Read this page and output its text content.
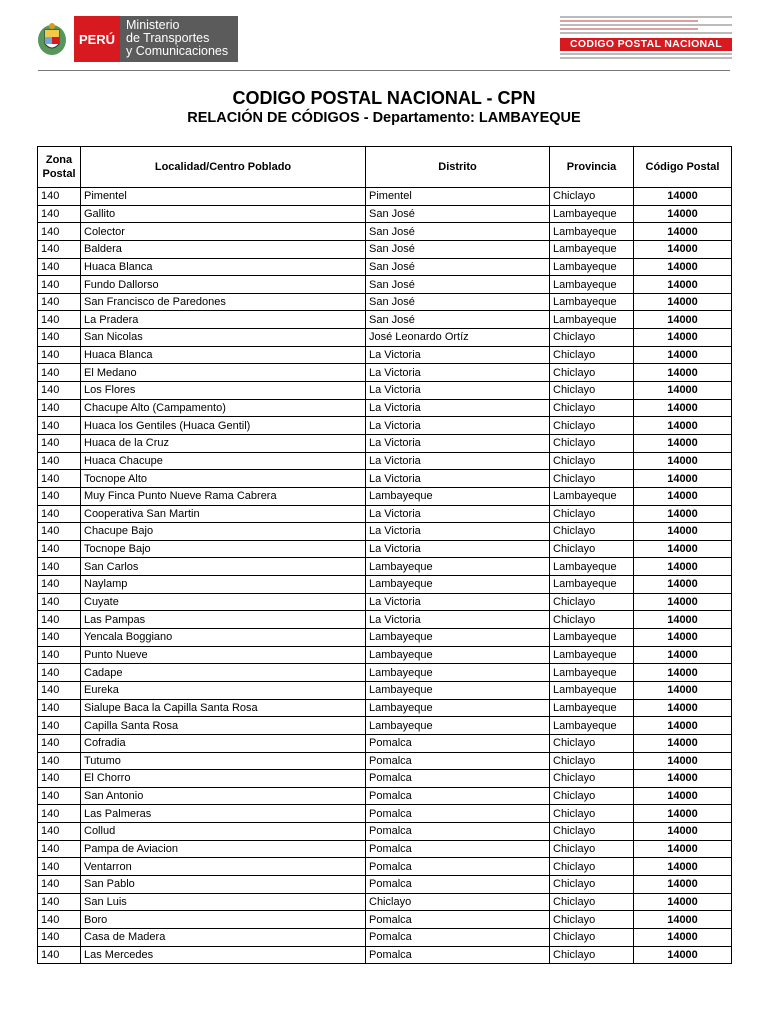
PERÚ
Ministerio
de Transportes
y Comunicaciones	CODIGO POSTAL NACIONAL
CODIGO POSTAL NACIONAL - CPN
RELACIÓN DE CÓDIGOS - Departamento: LAMBAYEQUE
Zona Postal	Localidad/Centro Poblado	Distrito	Provincia	Código Postal
140	Pimentel	Pimentel	Chiclayo	14000
140	Gallito	San José	Lambayeque	14000
140	Colector	San José	Lambayeque	14000
140	Baldera	San José	Lambayeque	14000
140	Huaca Blanca	San José	Lambayeque	14000
140	Fundo Dallorso	San José	Lambayeque	14000
140	San Francisco de Paredones	San José	Lambayeque	14000
140	La Pradera	San José	Lambayeque	14000
140	San Nicolas	José Leonardo Ortíz	Chiclayo	14000
140	Huaca Blanca	La Victoria	Chiclayo	14000
140	El Medano	La Victoria	Chiclayo	14000
140	Los Flores	La Victoria	Chiclayo	14000
140	Chacupe Alto (Campamento)	La Victoria	Chiclayo	14000
140	Huaca los Gentiles (Huaca Gentil)	La Victoria	Chiclayo	14000
140	Huaca de la Cruz	La Victoria	Chiclayo	14000
140	Huaca Chacupe	La Victoria	Chiclayo	14000
140	Tocnope Alto	La Victoria	Chiclayo	14000
140	Muy Finca Punto Nueve Rama Cabrera	Lambayeque	Lambayeque	14000
140	Cooperativa San Martin	La Victoria	Chiclayo	14000
140	Chacupe Bajo	La Victoria	Chiclayo	14000
140	Tocnope Bajo	La Victoria	Chiclayo	14000
140	San Carlos	Lambayeque	Lambayeque	14000
140	Naylamp	Lambayeque	Lambayeque	14000
140	Cuyate	La Victoria	Chiclayo	14000
140	Las Pampas	La Victoria	Chiclayo	14000
140	Yencala Boggiano	Lambayeque	Lambayeque	14000
140	Punto Nueve	Lambayeque	Lambayeque	14000
140	Cadape	Lambayeque	Lambayeque	14000
140	Eureka	Lambayeque	Lambayeque	14000
140	Sialupe Baca la Capilla Santa Rosa	Lambayeque	Lambayeque	14000
140	Capilla Santa Rosa	Lambayeque	Lambayeque	14000
140	Cofradia	Pomalca	Chiclayo	14000
140	Tutumo	Pomalca	Chiclayo	14000
140	El Chorro	Pomalca	Chiclayo	14000
140	San Antonio	Pomalca	Chiclayo	14000
140	Las Palmeras	Pomalca	Chiclayo	14000
140	Collud	Pomalca	Chiclayo	14000
140	Pampa de Aviacion	Pomalca	Chiclayo	14000
140	Ventarron	Pomalca	Chiclayo	14000
140	San Pablo	Pomalca	Chiclayo	14000
140	San Luis	Chiclayo	Chiclayo	14000
140	Boro	Pomalca	Chiclayo	14000
140	Casa de Madera	Pomalca	Chiclayo	14000
140	Las Mercedes	Pomalca	Chiclayo	14000
